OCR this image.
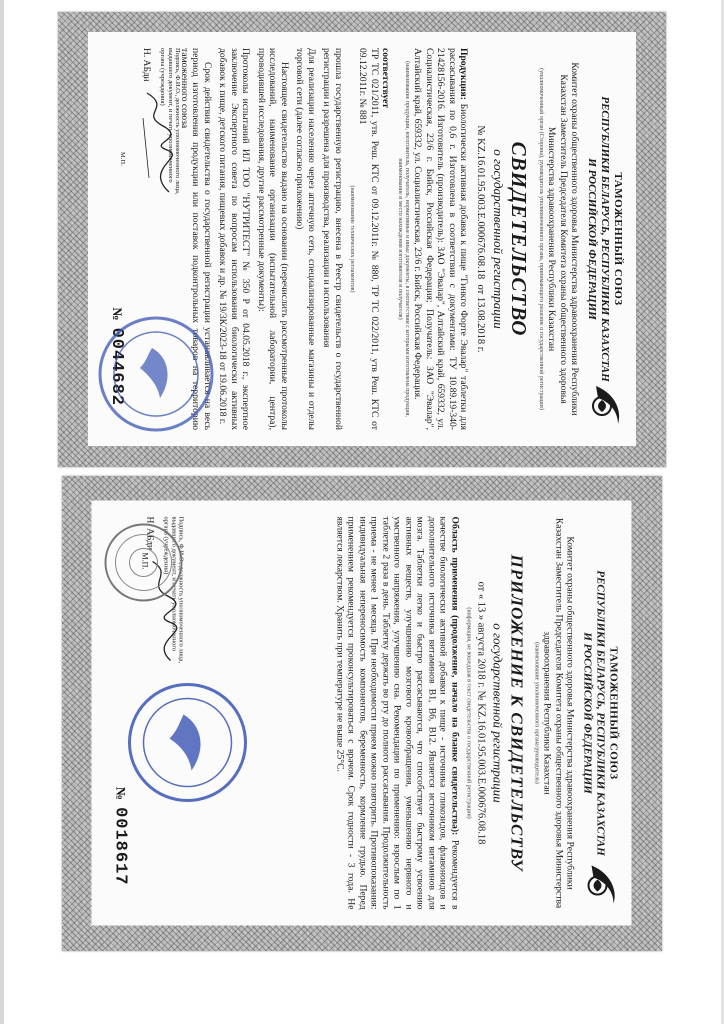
ТАМОЖЕННЫЙ СОЮЗ
РЕСПУБЛИКИ БЕЛАРУСЬ, РЕСПУБЛИКИ КАЗАХСТАН
И РОССИЙСКОЙ ФЕДЕРАЦИИ
Комитет охраны общественного здоровья Министерства здравоохранения Республики Казахстан Заместитель Председателя Комитета охраны общественного здоровья Министерства здравоохранения Республики Казахстан
(уполномоченный орган (Сторона), руководитель уполномоченного органа, принимающего решение о государственной регистрации)
СВИДЕТЕЛЬСТВО
о государственной регистрации
№ KZ.16.01.95.003.E.000676.08.18  от 13.08.2018 г.
Продукция: Биологически активная добавка к пище "Гинкго Форте Эвалар" таблетки для рассасывания по 0,6 г. Изготовлена в соответствии с документами: ТУ 10.89.19-340-21428156-2016. Изготовитель (производитель): ЗАО "Эвалар", Алтайский край, 659332, ул. Социалистическая, 23/6 г. Бийск, Российская Федерация; Получатель: ЗАО "Эвалар", Алтайский край, 659332, ул. Социалистическая, 23/6 г. Бийск, Российская Федерация.
(наименование продукции, изготовитель, получатель, нормативные и иные документы, в соответствии с которыми изготовлена продукция, наименование и место нахождения изготовителя и получателя)
соответствует
ТР ТС 021/2011, утв. Реш. КТС от 09.12.2011г. № 880, ТР ТС 022/2011, утв Реш. КТС от 09.12.2011г. № 881
(наименование технических регламентов)
прошла государственную регистрацию, внесена в Реестр свидетельств о государственной регистрации и разрешена для производства, реализации и использования
Для реализации населению через аптечную сеть, специализированные магазины и отделы торговой сети (далее согласно приложению)
Настоящее свидетельство выдано на основании (перечислить рассмотренные протоколы исследований, наименование организации (испытательной лаборатории, центра), проводившей исследования, другие рассмотренные документы):
Протоколы испытаний ИЛ ТОО "НУТРИТЕСТ" № 350 Р от 04.05.2018 г., экспертное заключение Экспертного совета по вопросам использования биологически активных добавок к пище, детского питания, пищевых добавок и др. № 19/3К/2023-18 от 19.06.2018 г.
Срок действия свидетельства о государственной регистрации устанавливается на весь период изготовления продукции или поставок подконтрольных товаров на территорию таможенного союза
Подпись, Ф.И.О., должность уполномоченного лица, выдавшего документ, и печать уполномоченного органа (учреждения)
Н. АБди
М.П.
№0044682
ТАМОЖЕННЫЙ СОЮЗ
РЕСПУБЛИКИ БЕЛАРУСЬ, РЕСПУБЛИКИ КАЗАХСТАН
И РОССИЙСКОЙ ФЕДЕРАЦИИ
Комитет охраны общественного здоровья Министерства здравоохранения Республики Казахстан Заместитель Председателя Комитета охраны общественного здоровья Министерства здравоохранения Республики Казахстан
(наименование уполномоченного органа/руководитель)
ПРИЛОЖЕНИЕ К СВИДЕТЕЛЬСТВУ
о государственной регистрации
от « 13 » августа 2018 г. № KZ.16.01.95.003.E.000676.08.18
(информация, не вошедшая в текст свидетельства о государственной регистрации)
Область применения (продолжение, начало на бланке свидетельства): Рекомендуется в качестве биологически активной добавки к пище - источника гликозидов, флавоноидов и дополнительного источника витаминов В1, В6, В12. Является источником витаминов для мозга. Таблетки легко и быстро рассасываются, что способствует быстрому усвоению активных веществ, улучшению мозгового кровообращения, уменьшению нервного и умственного напряжения, улучшению сна. Рекомендации по применению: взрослым по 1 таблетке 2 раза в день. Таблетку держать во рту до полного рассасывания. Продолжительность приема - не менее 1 месяца. При необходимости прием можно повторить. Противопоказания: индивидуальная непереносимость компонентов, беременность, кормление грудью. Перед применением рекомендуется проконсультироваться с врачом. Срок годности - 3 года. Не является лекарством. Хранить при температуре не выше 25°С.
Подпись, Ф.И.О., должность уполномоченного лица, выдавшего документ, и печать уполномоченного органа (учреждения)
Н. АБди
№0018617
М.П.
